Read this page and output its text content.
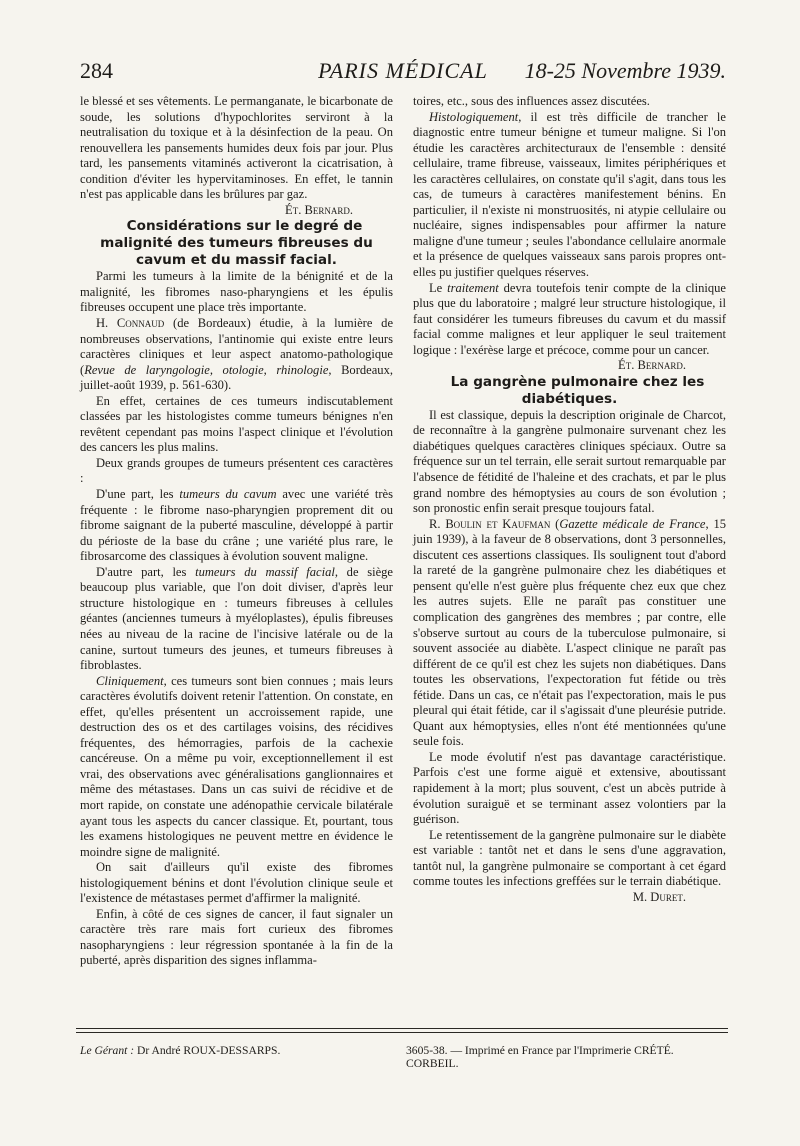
284	PARIS MÉDICAL	18-25 Novembre 1939.

le blessé et ses vêtements. Le permanganate, le bicarbonate de soude, les solutions d'hypochlorites serviront à la neutralisation du toxique et à la désinfection de la peau. On renouvellera les pansements humides deux fois par jour. Plus tard, les pansements vitaminés activeront la cicatrisation, à condition d'éviter les hypervitaminoses. En effet, le tannin n'est pas applicable dans les brûlures par gaz.

Ét. Bernard.

Considérations sur le degré de malignité des tumeurs fibreuses du cavum et du massif facial.

Parmi les tumeurs à la limite de la bénignité et de la malignité, les fibromes naso-pharyngiens et les épulis fibreuses occupent une place très importante.

H. Connaud (de Bordeaux) étudie, à la lumière de nombreuses observations, l'antinomie qui existe entre leurs caractères cliniques et leur aspect anatomo-pathologique (Revue de laryngologie, otologie, rhinologie, Bordeaux, juillet-août 1939, p. 561-630).

En effet, certaines de ces tumeurs indiscutablement classées par les histologistes comme tumeurs bénignes n'en revêtent cependant pas moins l'aspect clinique et l'évolution des cancers les plus malins.

Deux grands groupes de tumeurs présentent ces caractères :

D'une part, les tumeurs du cavum avec une variété très fréquente : le fibrome naso-pharyngien proprement dit ou fibrome saignant de la puberté masculine, développé à partir du périoste de la base du crâne ; une variété plus rare, le fibrosarcome des classiques à évolution souvent maligne.

D'autre part, les tumeurs du massif facial, de siège beaucoup plus variable, que l'on doit diviser, d'après leur structure histologique en : tumeurs fibreuses à cellules géantes (anciennes tumeurs à myéloplastes), épulis fibreuses nées au niveau de la racine de l'incisive latérale ou de la canine, surtout tumeurs des jeunes, et tumeurs fibreuses à fibroblastes.

Cliniquement, ces tumeurs sont bien connues ; mais leurs caractères évolutifs doivent retenir l'attention. On constate, en effet, qu'elles présentent un accroissement rapide, une destruction des os et des cartilages voisins, des récidives fréquentes, des hémorragies, parfois de la cachexie cancéreuse. On a même pu voir, exceptionnellement il est vrai, des observations avec généralisations ganglionnaires et même des métastases. Dans un cas suivi de récidive et de mort rapide, on constate une adénopathie cervicale bilatérale ayant tous les aspects du cancer classique. Et, pourtant, tous les examens histologiques ne peuvent mettre en évidence le moindre signe de malignité.

On sait d'ailleurs qu'il existe des fibromes histologiquement bénins et dont l'évolution clinique seule et l'existence de métastases permet d'affirmer la malignité.

Enfin, à côté de ces signes de cancer, il faut signaler un caractère très rare mais fort curieux des fibromes nasopharyngiens : leur régression spontanée à la fin de la puberté, après disparition des signes inflamma-

toires, etc., sous des influences assez discutées.

Histologiquement, il est très difficile de trancher le diagnostic entre tumeur bénigne et tumeur maligne. Si l'on étudie les caractères architecturaux de l'ensemble : densité cellulaire, trame fibreuse, vaisseaux, limites périphériques et les caractères cellulaires, on constate qu'il s'agit, dans tous les cas, de tumeurs à caractères manifestement bénins. En particulier, il n'existe ni monstruosités, ni atypie cellulaire ou nucléaire, signes indispensables pour affirmer la nature maligne d'une tumeur ; seules l'abondance cellulaire anormale et la présence de quelques vaisseaux sans parois propres ont-elles pu justifier quelques réserves.

Le traitement devra toutefois tenir compte de la clinique plus que du laboratoire ; malgré leur structure histologique, il faut considérer les tumeurs fibreuses du cavum et du massif facial comme malignes et leur appliquer le seul traitement logique : l'exérèse large et précoce, comme pour un cancer.

Ét. Bernard.

La gangrène pulmonaire chez les diabétiques.

Il est classique, depuis la description originale de Charcot, de reconnaître à la gangrène pulmonaire survenant chez les diabétiques quelques caractères cliniques spéciaux. Outre sa fréquence sur un tel terrain, elle serait surtout remarquable par l'absence de fétidité de l'haleine et des crachats, et par le plus grand nombre des hémoptysies au cours de son évolution ; son pronostic enfin serait presque toujours fatal.

R. Boulin et Kaufman (Gazette médicale de France, 15 juin 1939), à la faveur de 8 observations, dont 3 personnelles, discutent ces assertions classiques. Ils soulignent tout d'abord la rareté de la gangrène pulmonaire chez les diabétiques et pensent qu'elle n'est guère plus fréquente chez eux que chez les autres sujets. Elle ne paraît pas constituer une complication des gangrènes des membres ; par contre, elle s'observe surtout au cours de la tuberculose pulmonaire, si souvent associée au diabète. L'aspect clinique ne paraît pas différent de ce qu'il est chez les sujets non diabétiques. Dans toutes les observations, l'expectoration fut fétide ou très fétide. Dans un cas, ce n'était pas l'expectoration, mais le pus pleural qui était fétide, car il s'agissait d'une pleurésie putride. Quant aux hémoptysies, elles n'ont été mentionnées qu'une seule fois.

Le mode évolutif n'est pas davantage caractéristique. Parfois c'est une forme aiguë et extensive, aboutissant rapidement à la mort; plus souvent, c'est un abcès putride à évolution suraiguë et se terminant assez volontiers par la guérison.

Le retentissement de la gangrène pulmonaire sur le diabète est variable : tantôt net et dans le sens d'une aggravation, tantôt nul, la gangrène pulmonaire se comportant à cet égard comme toutes les infections greffées sur le terrain diabétique.

M. Duret.

Le Gérant : Dr André ROUX-DESSARPS.	3605-38. — Imprimé en France par l'Imprimerie CRÉTÉ. CORBEIL.
